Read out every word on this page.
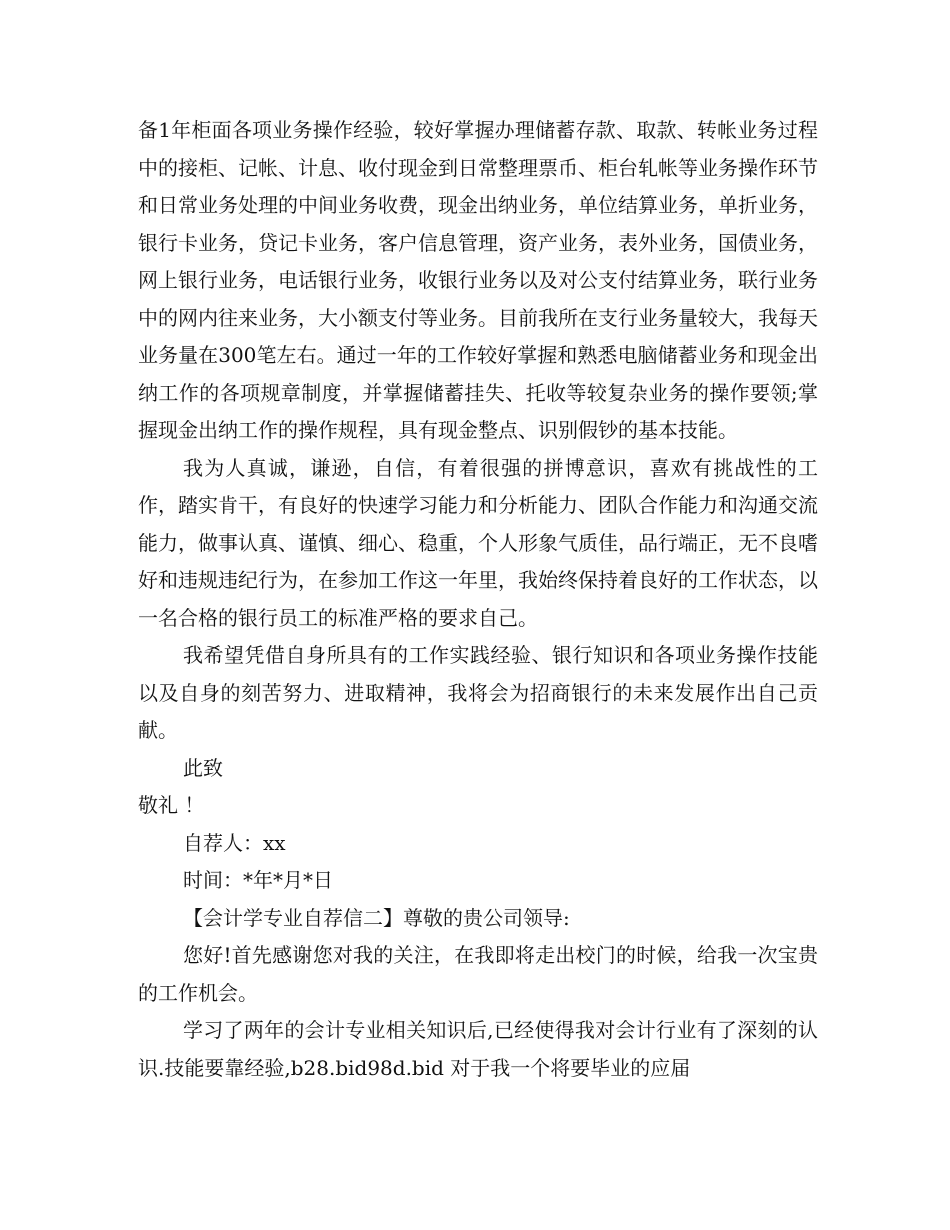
备1年柜面各项业务操作经验，较好掌握办理储蓄存款、取款、转帐业务过程中的接柜、记帐、计息、收付现金到日常整理票币、柜台轧帐等业务操作环节和日常业务处理的中间业务收费，现金出纳业务，单位结算业务，单折业务，银行卡业务，贷记卡业务，客户信息管理，资产业务，表外业务，国债业务，网上银行业务，电话银行业务，收银行业务以及对公支付结算业务，联行业务中的网内往来业务，大小额支付等业务。目前我所在支行业务量较大，我每天业务量在300笔左右。通过一年的工作较好掌握和熟悉电脑储蓄业务和现金出纳工作的各项规章制度，并掌握储蓄挂失、托收等较复杂业务的操作要领;掌握现金出纳工作的操作规程，具有现金整点、识别假钞的基本技能。

我为人真诚，谦逊，自信，有着很强的拼博意识，喜欢有挑战性的工作，踏实肯干，有良好的快速学习能力和分析能力、团队合作能力和沟通交流能力，做事认真、谨慎、细心、稳重，个人形象气质佳，品行端正，无不良嗜好和违规违纪行为，在参加工作这一年里，我始终保持着良好的工作状态，以一名合格的银行员工的标准严格的要求自己。

我希望凭借自身所具有的工作实践经验、银行知识和各项业务操作技能以及自身的刻苦努力、进取精神，我将会为招商银行的未来发展作出自己贡献。

此致

敬礼 ！

自荐人：xx

时间：*年*月*日

【会计学专业自荐信二】尊敬的贵公司领导:

您好!首先感谢您对我的关注，在我即将走出校门的时候，给我一次宝贵的工作机会。

学习了两年的会计专业相关知识后,已经使得我对会计行业有了深刻的认识.技能要靠经验,b28.bid98d.bid 对于我一个将要毕业的应届
